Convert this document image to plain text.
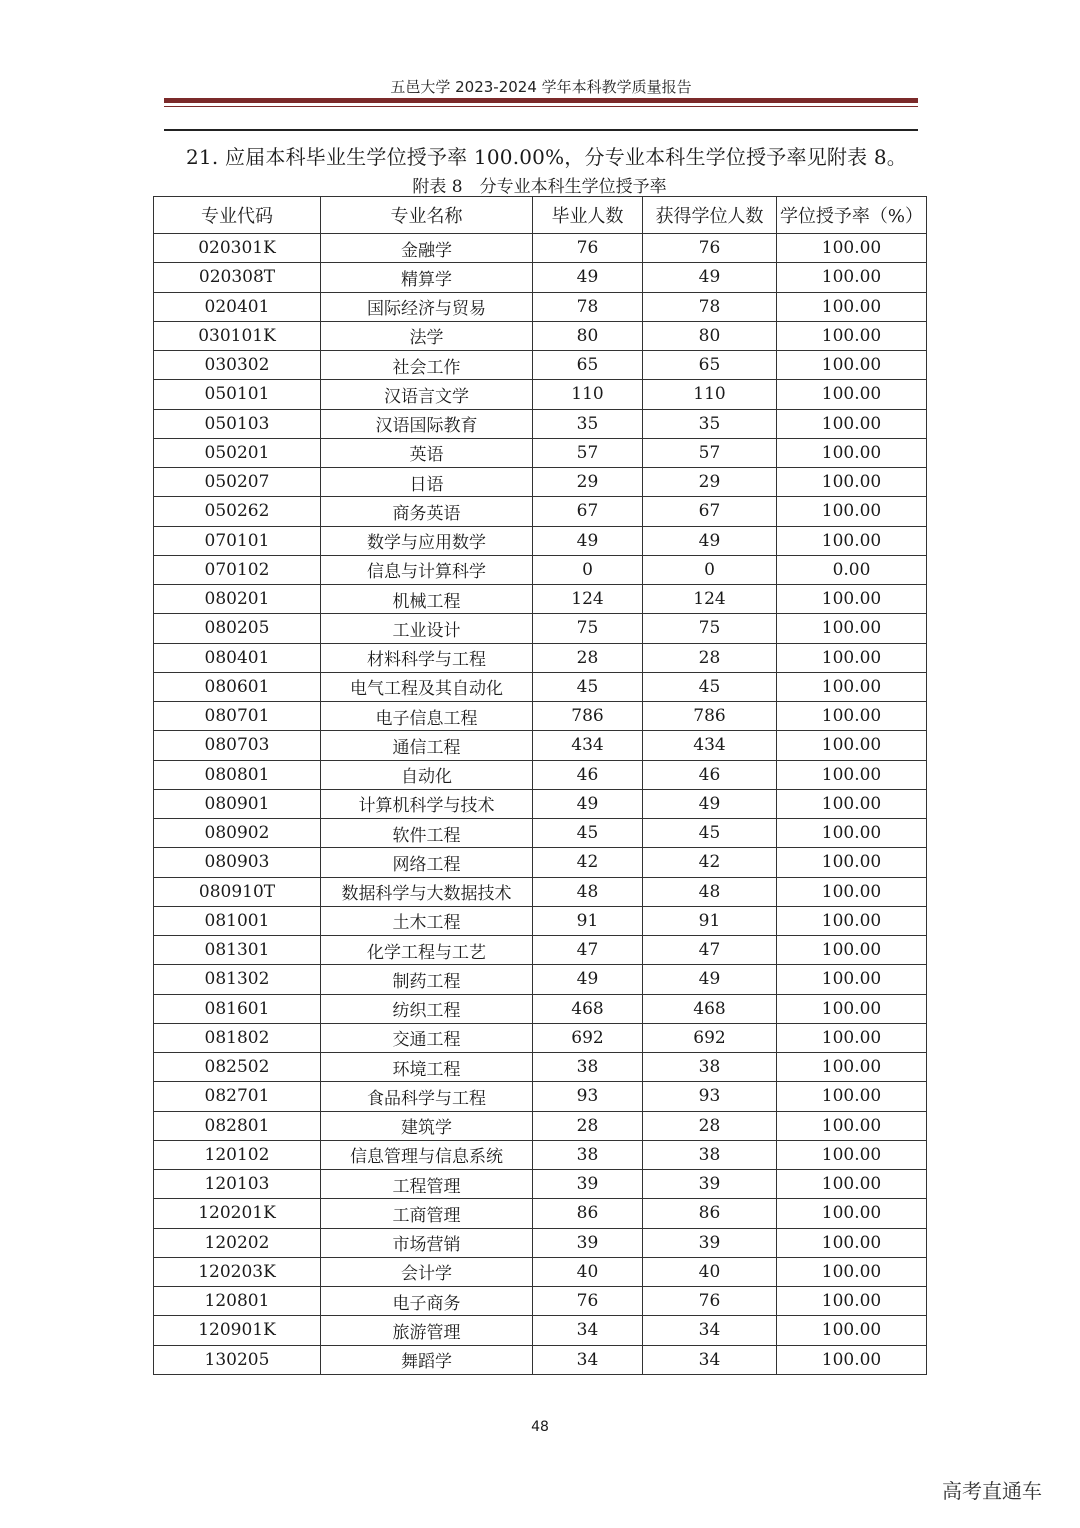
五邑大学 2023-2024 学年本科教学质量报告
21. 应届本科毕业生学位授予率 100.00%，分专业本科生学位授予率见附表 8。
附表 8　分专业本科生学位授予率
专业代码	专业名称	毕业人数	获得学位人数	学位授予率（%）
020301K	金融学	76	76	100.00
020308T	精算学	49	49	100.00
020401	国际经济与贸易	78	78	100.00
030101K	法学	80	80	100.00
030302	社会工作	65	65	100.00
050101	汉语言文学	110	110	100.00
050103	汉语国际教育	35	35	100.00
050201	英语	57	57	100.00
050207	日语	29	29	100.00
050262	商务英语	67	67	100.00
070101	数学与应用数学	49	49	100.00
070102	信息与计算科学	0	0	0.00
080201	机械工程	124	124	100.00
080205	工业设计	75	75	100.00
080401	材料科学与工程	28	28	100.00
080601	电气工程及其自动化	45	45	100.00
080701	电子信息工程	786	786	100.00
080703	通信工程	434	434	100.00
080801	自动化	46	46	100.00
080901	计算机科学与技术	49	49	100.00
080902	软件工程	45	45	100.00
080903	网络工程	42	42	100.00
080910T	数据科学与大数据技术	48	48	100.00
081001	土木工程	91	91	100.00
081301	化学工程与工艺	47	47	100.00
081302	制药工程	49	49	100.00
081601	纺织工程	468	468	100.00
081802	交通工程	692	692	100.00
082502	环境工程	38	38	100.00
082701	食品科学与工程	93	93	100.00
082801	建筑学	28	28	100.00
120102	信息管理与信息系统	38	38	100.00
120103	工程管理	39	39	100.00
120201K	工商管理	86	86	100.00
120202	市场营销	39	39	100.00
120203K	会计学	40	40	100.00
120801	电子商务	76	76	100.00
120901K	旅游管理	34	34	100.00
130205	舞蹈学	34	34	100.00
48
高考直通车
